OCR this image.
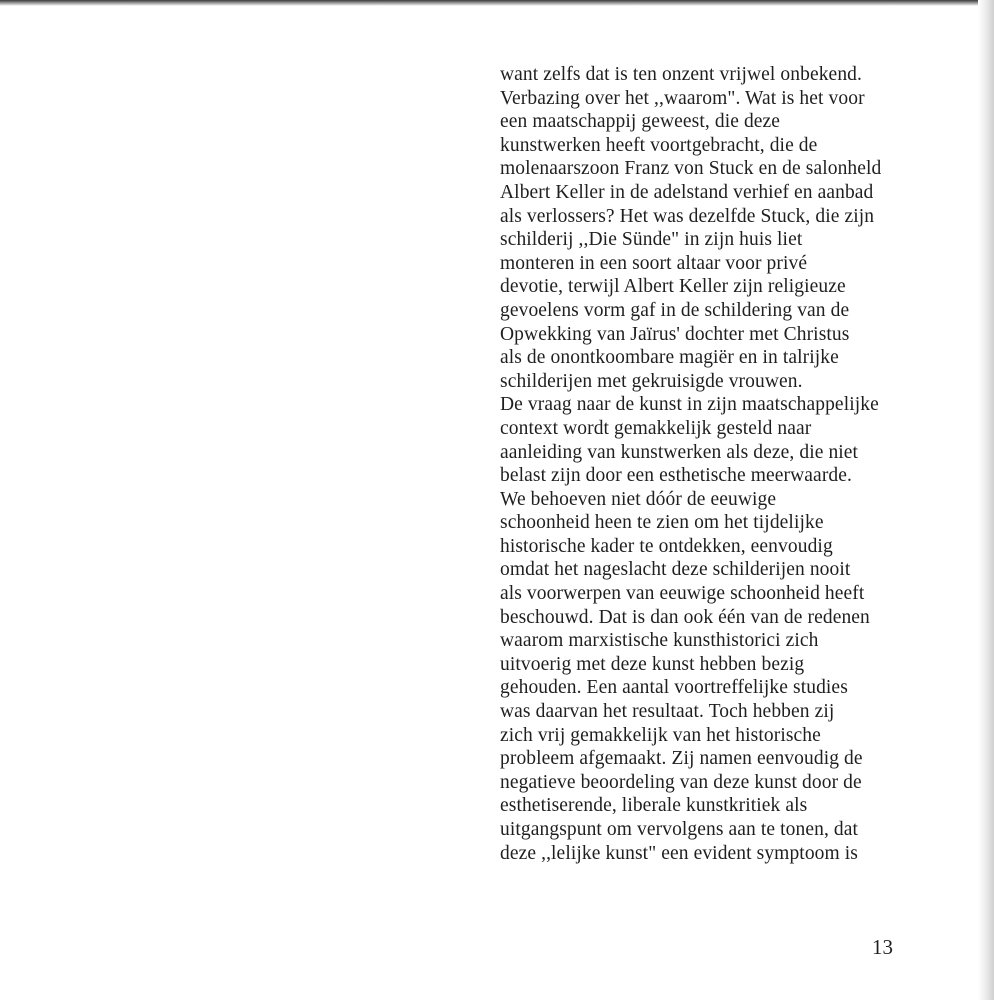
want zelfs dat is ten onzent vrijwel onbekend.
Verbazing over het ,,waarom". Wat is het voor
een maatschappij geweest, die deze
kunstwerken heeft voortgebracht, die de
molenaarszoon Franz von Stuck en de salonheld
Albert Keller in de adelstand verhief en aanbad
als verlossers? Het was dezelfde Stuck, die zijn
schilderij ,,Die Sünde" in zijn huis liet
monteren in een soort altaar voor privé
devotie, terwijl Albert Keller zijn religieuze
gevoelens vorm gaf in de schildering van de
Opwekking van Jaïrus' dochter met Christus
als de onontkoombare magiër en in talrijke
schilderijen met gekruisigde vrouwen.
De vraag naar de kunst in zijn maatschappelijke
context wordt gemakkelijk gesteld naar
aanleiding van kunstwerken als deze, die niet
belast zijn door een esthetische meerwaarde.
We behoeven niet dóór de eeuwige
schoonheid heen te zien om het tijdelijke
historische kader te ontdekken, eenvoudig
omdat het nageslacht deze schilderijen nooit
als voorwerpen van eeuwige schoonheid heeft
beschouwd. Dat is dan ook één van de redenen
waarom marxistische kunsthistorici zich
uitvoerig met deze kunst hebben bezig
gehouden. Een aantal voortreffelijke studies
was daarvan het resultaat. Toch hebben zij
zich vrij gemakkelijk van het historische
probleem afgemaakt. Zij namen eenvoudig de
negatieve beoordeling van deze kunst door de
esthetiserende, liberale kunstkritiek als
uitgangspunt om vervolgens aan te tonen, dat
deze ,,lelijke kunst" een evident symptoom is
13
